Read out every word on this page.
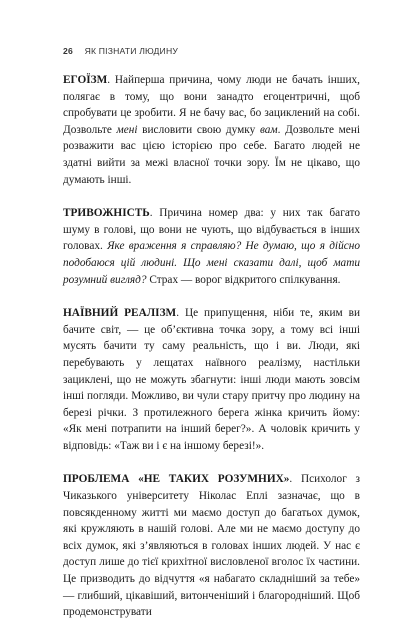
26 ЯК ПІЗНАТИ ЛЮДИНУ

ЕГОЇЗМ. Найперша причина, чому люди не бачать інших, полягає в тому, що вони занадто егоцентричні, щоб спробувати це зробити. Я не бачу вас, бо зациклений на собі. Дозвольте мені висловити свою думку вам. Дозвольте мені розважити вас цією історією про себе. Багато людей не здатні вийти за межі власної точки зору. Їм не цікаво, що думають інші.

ТРИВОЖНІСТЬ. Причина номер два: у них так багато шуму в голові, що вони не чують, що відбувається в інших головах. Яке враження я справляю? Не думаю, що я дійсно подобаюся цій людині. Що мені сказати далі, щоб мати розумний вигляд? Страх — ворог відкритого спілкування.

НАЇВНИЙ РЕАЛІЗМ. Це припущення, ніби те, яким ви бачите світ, — це об’єктивна точка зору, а тому всі інші мусять бачити ту саму реальність, що і ви. Люди, які перебувають у лещатах наївного реалізму, настільки зациклені, що не можуть збагнути: інші люди мають зовсім інші погляди. Можливо, ви чули стару притчу про людину на березі річки. З протилежного берега жінка кричить йому: «Як мені потрапити на інший берег?». А чоловік кричить у відповідь: «Таж ви і є на іншому березі!».

ПРОБЛЕМА «НЕ ТАКИХ РОЗУМНИХ». Психолог з Чиказького університету Ніколас Еплі зазначає, що в повсякденному житті ми маємо доступ до багатьох думок, які кружляють в нашій голові. Але ми не маємо доступу до всіх думок, які з’являються в головах інших людей. У нас є доступ лише до тієї крихітної висловленої вголос їх частини. Це призводить до відчуття «я набагато складніший за тебе» — глибший, цікавіший, витонченіший і благородніший. Щоб продемонструвати
